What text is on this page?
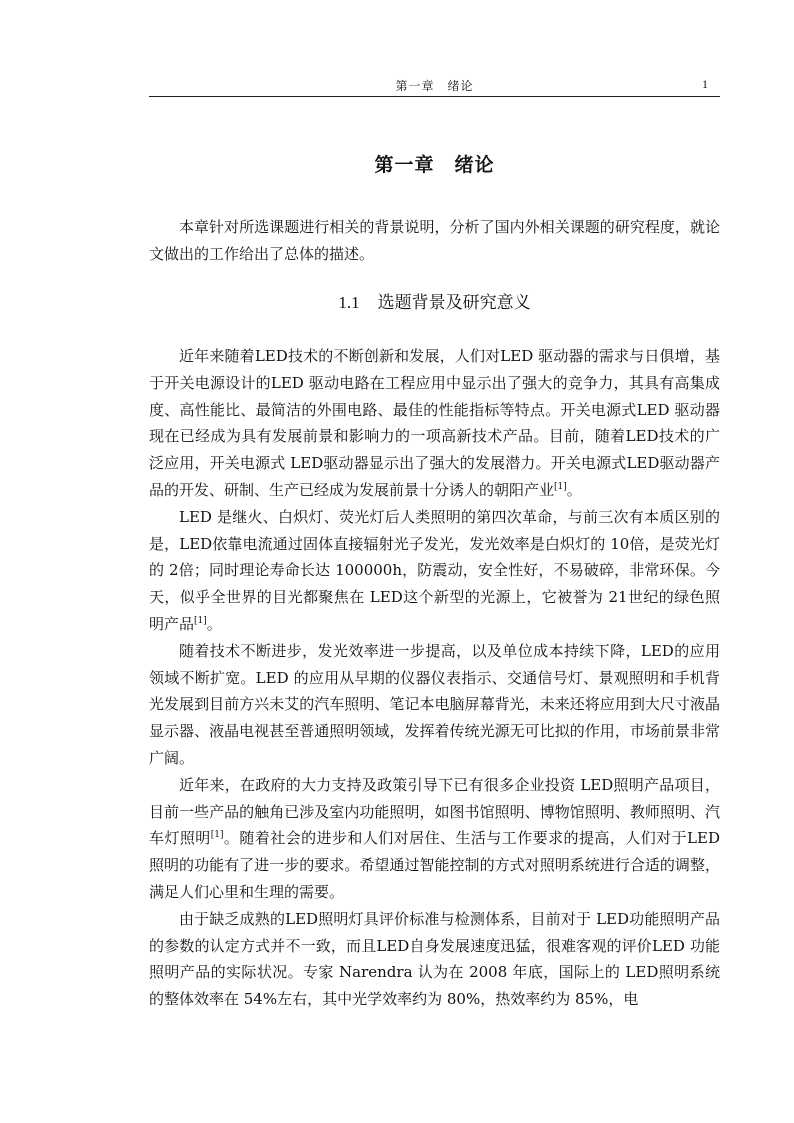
第一章　绪论	1
第一章 绪论

本章针对所选课题进行相关的背景说明，分析了国内外相关课题的研究程度，就论文做出的工作给出了总体的描述。

1.1 选题背景及研究意义

近年来随着LED技术的不断创新和发展，人们对LED 驱动器的需求与日俱增，基于开关电源设计的LED 驱动电路在工程应用中显示出了强大的竞争力，其具有高集成度、高性能比、最简洁的外围电路、最佳的性能指标等特点。开关电源式LED 驱动器现在已经成为具有发展前景和影响力的一项高新技术产品。目前，随着LED技术的广泛应用，开关电源式 LED驱动器显示出了强大的发展潜力。开关电源式LED驱动器产品的开发、研制、生产已经成为发展前景十分诱人的朝阳产业[1]。

LED 是继火、白炽灯、荧光灯后人类照明的第四次革命，与前三次有本质区别的是，LED依靠电流通过固体直接辐射光子发光，发光效率是白炽灯的 10倍，是荧光灯的 2倍；同时理论寿命长达 100000h，防震动，安全性好，不易破碎，非常环保。今天，似乎全世界的目光都聚焦在 LED这个新型的光源上，它被誉为 21世纪的绿色照明产品[1]。

随着技术不断进步，发光效率进一步提高，以及单位成本持续下降，LED的应用领域不断扩宽。LED 的应用从早期的仪器仪表指示、交通信号灯、景观照明和手机背光发展到目前方兴未艾的汽车照明、笔记本电脑屏幕背光，未来还将应用到大尺寸液晶显示器、液晶电视甚至普通照明领域，发挥着传统光源无可比拟的作用，市场前景非常广阔。

近年来，在政府的大力支持及政策引导下已有很多企业投资 LED照明产品项目，目前一些产品的触角已涉及室内功能照明，如图书馆照明、博物馆照明、教师照明、汽车灯照明[1]。随着社会的进步和人们对居住、生活与工作要求的提高，人们对于LED 照明的功能有了进一步的要求。希望通过智能控制的方式对照明系统进行合适的调整，满足人们心里和生理的需要。

由于缺乏成熟的LED照明灯具评价标准与检测体系，目前对于 LED功能照明产品的参数的认定方式并不一致，而且LED自身发展速度迅猛，很难客观的评价LED 功能照明产品的实际状况。专家 Narendra 认为在 2008 年底，国际上的 LED照明系统的整体效率在 54%左右，其中光学效率约为 80%，热效率约为 85%，电
